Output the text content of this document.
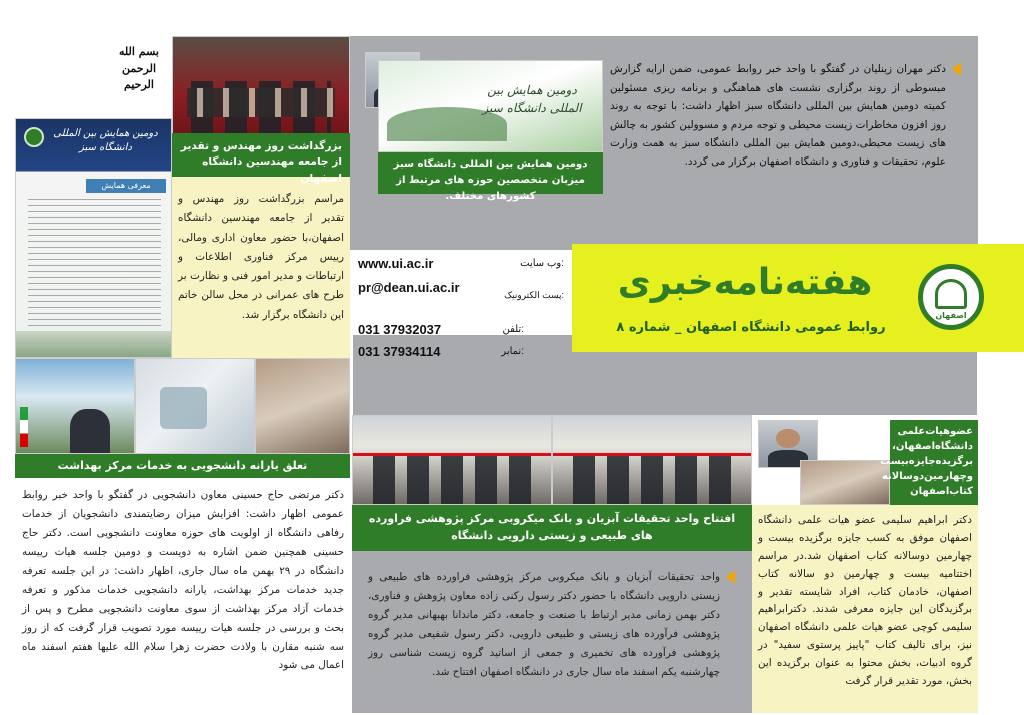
دکتر مهران زینلیان در گفتگو با واحد خبر روابط عمومی، ضمن ارایه گزارش مبسوطی از روند برگزاری نشست های هماهنگی و برنامه ریزی مسئولین کمیته دومین همایش بین المللی دانشگاه سبز اظهار داشت: با توجه به روند روز افزون مخاطرات زیست محیطی و توجه مردم و مسوولین کشور به چالش های زیست محیطی،دومین همایش بین المللی دانشگاه سبز به همت وزارت علوم، تحقیقات و فناوری و دانشگاه اصفهان برگزار می گردد.
دومین همایش بین المللی دانشگاه سبز
دومین همایش بین المللی دانشگاه سبز میزبان متخصصین حوزه های مرتبط از کشورهای مختلف.
بسم الله الرحمن الرحیم
بزرگداشت روز مهندس و تقدیر از جامعه مهندسین دانشگاه اصفهان
مراسم بزرگداشت روز مهندس و تقدیر از جامعه مهندسین دانشگاه اصفهان،با حضور معاون اداری ومالی، رییس مرکز فناوری اطلاعات و ارتباطات و مدیر امور فنی و نظارت بر طرح های عمرانی در محل سالن خاتم این دانشگاه برگزار شد.
دومین همایش بین المللی دانشگاه سبز
معرفی همایش
اصفهان
هفته‌نامه‌خبری
روابط عمومی دانشگاه اصفهان _ شماره ۸
www.ui.ac.ir	وب سایت:
pr@dean.ui.ac.ir	پست الکترونیک:
031 37932037	تلفن:
031 37934114	نمابر:
تعلق یارانه دانشجویی به خدمات مرکز بهداشت
دکتر مرتضی حاج حسینی معاون دانشجویی در گفتگو با واحد خبر روابط عمومی اظهار داشت: افزایش میزان رضایتمندی دانشجویان از خدمات رفاهی دانشگاه از اولویت های حوزه معاونت دانشجویی است. دکتر حاج حسینی همچنین ضمن اشاره به دویست و دومین جلسه هیات رییسه دانشگاه در ۲۹ بهمن ماه سال جاری، اظهار داشت: در این جلسه تعرفه جدید خدمات مرکز بهداشت، یارانه دانشجویی خدمات مذکور و تعرفه خدمات آزاد مرکز بهداشت از سوی معاونت دانشجویی مطرح و پس از بحث و بررسی در جلسه هیات رییسه مورد تصویب قرار گرفت که از روز سه شنبه مقارن با ولادت حضرت زهرا سلام الله علیها هفتم اسفند ماه اعمال می شود
افتتاح واحد تحقیقات آبزیان و بانک میکروبی مرکز پژوهشی فراورده های طبیعی و زیستی دارویی دانشگاه
واحد تحقیقات آبزیان و بانک میکروبی مرکز پژوهشی فراورده های طبیعی و زیستی دارویی دانشگاه با حضور دکتر رسول رکنی زاده معاون پژوهش و فناوری، دکتر بهمن زمانی مدیر ارتباط با صنعت و جامعه، دکتر ماندانا بهبهانی مدیر گروه پژوهشی فرآورده های زیستی و طبیعی دارویی، دکتر رسول شفیعی مدیر گروه پژوهشی فرآورده های تخمیری و جمعی از اساتید گروه زیست شناسی روز چهارشنبه یکم اسفند ماه سال جاری در دانشگاه اصفهان افتتاح شد.
عضوهیات‌علمی دانشگاه‌اصفهان، برگزیده‌جایزه‌بیست وچهارمین‌دوسالانه کتاب‌اصفهان
دکتر ابراهیم سلیمی عضو هیات علمی دانشگاه اصفهان موفق به کسب جایزه برگزیده بیست و چهارمین دوسالانه کتاب اصفهان شد.در مراسم اختتامیه بیست و چهارمین دو سالانه کتاب اصفهان، خادمان کتاب، افراد شایسته تقدیر و برگزیدگان این جایزه معرفی شدند. دکترابراهیم سلیمی کوچی عضو هیات علمی دانشگاه اصفهان نیز، برای تالیف کتاب "پاییز پرستوی سفید" در گروه ادبیات، بخش محتوا به عنوان برگزیده این بخش، مورد تقدیر قرار گرفت
